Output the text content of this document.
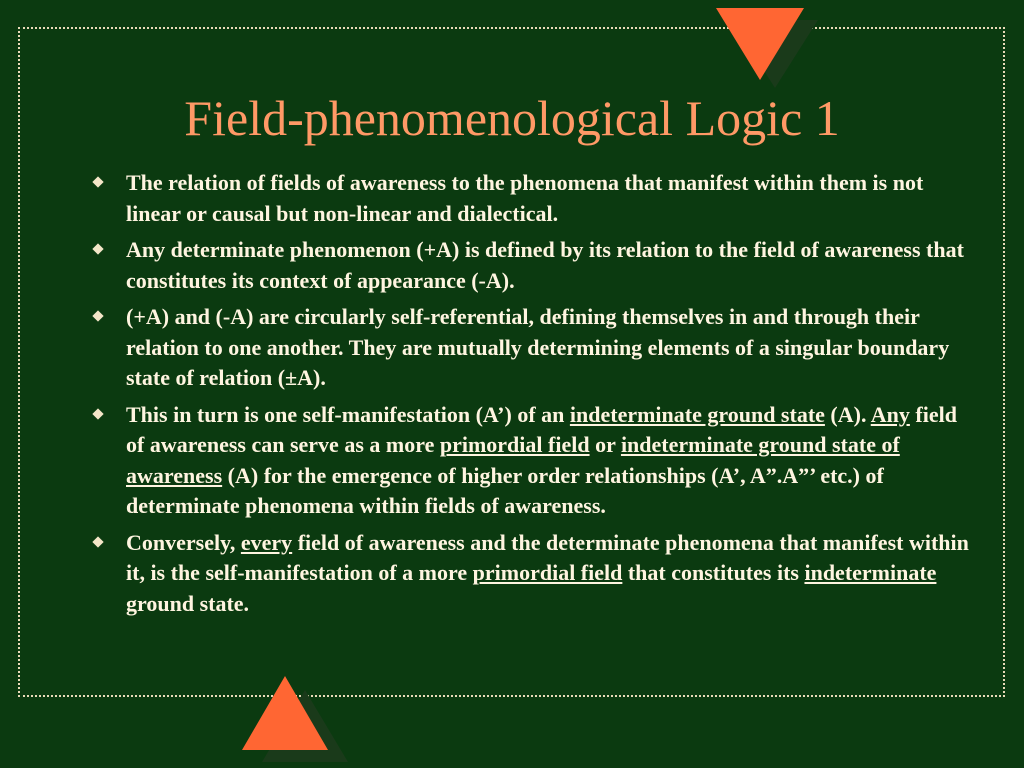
Field-phenomenological Logic 1
The relation of fields of awareness to the phenomena that manifest within them is not linear or causal but non-linear and dialectical.
Any determinate phenomenon (+A) is defined by its relation to the field of awareness that constitutes its context of appearance (-A).
(+A) and (-A) are circularly self-referential, defining themselves in and through their relation to one another. They are mutually determining elements of a singular boundary state of relation (±A).
This in turn is one self-manifestation (A’) of an indeterminate ground state (A). Any field of awareness can serve as a more primordial field or indeterminate ground state of awareness (A) for the emergence of higher order relationships (A’, A”.A”’ etc.) of determinate phenomena within fields of awareness.
Conversely, every field of awareness and the determinate phenomena that manifest within it, is the self-manifestation of a more primordial field that constitutes its indeterminate ground state.
